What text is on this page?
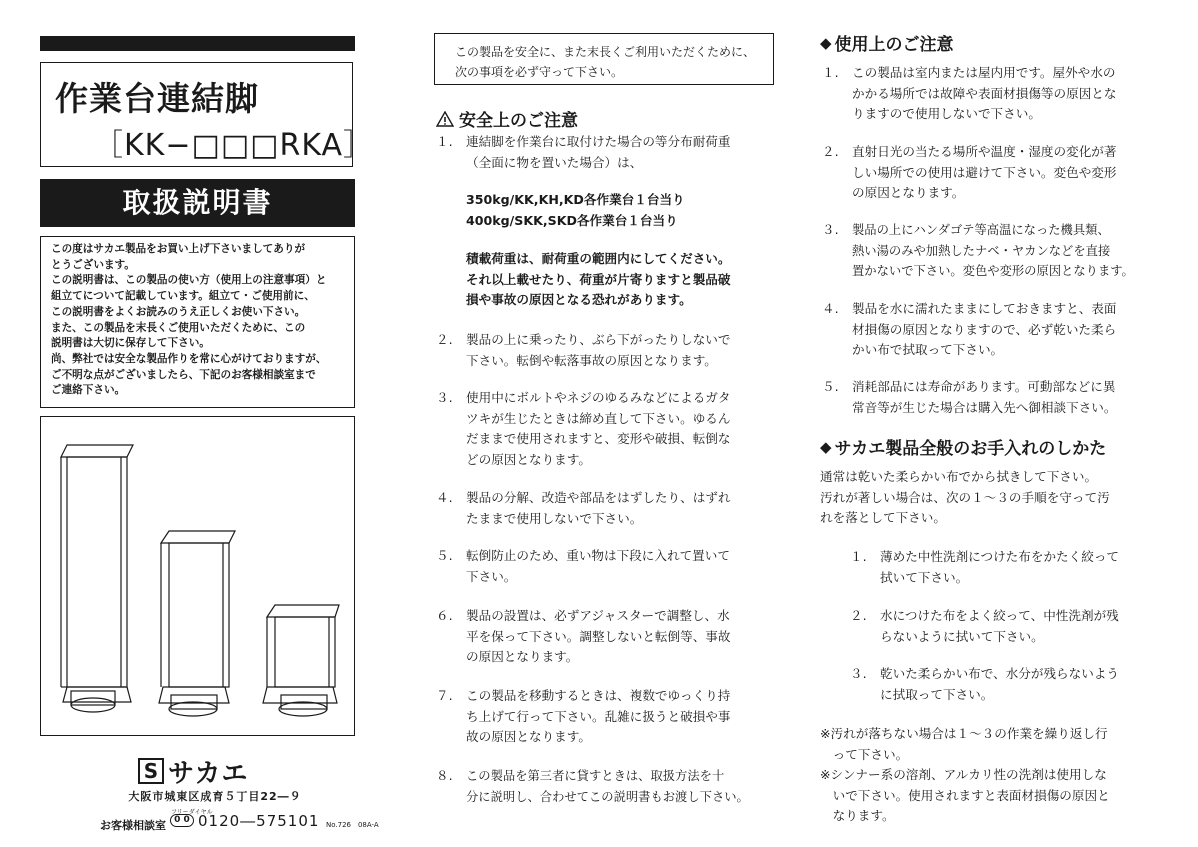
作業台連結脚
［KK−□□□RKA］
取扱説明書

この度はサカエ製品をお買い上げ下さいましてありが
とうございます。
この説明書は、この製品の使い方（使用上の注意事項）と
組立てについて記載しています。組立て・ご使用前に、
この説明書をよくお読みのうえ正しくお使い下さい。
また、この製品を末長くご使用いただくために、この
説明書は大切に保存して下さい。
尚、弊社では安全な製品作りを常に心がけておりますが、
ご不明な点がございましたら、下記のお客様相談室まで
ご連絡下さい。

S サカエ
大阪市城東区成育５丁目22―９
お客様相談室
フリーダイヤル
0 0 0120―575101 No.726　08A-A

この製品を安全に、また末長くご利用いただくために、
次の事項を必ず守って下さい。

安全上のご注意
１. 連結脚を作業台に取付けた場合の等分布耐荷重
（全面に物を置いた場合）は、
350kg/KK,KH,KD各作業台１台当り
400kg/SKK,SKD各作業台１台当り
積載荷重は、耐荷重の範囲内にしてください。
それ以上載せたり、荷重が片寄りますと製品破
損や事故の原因となる恐れがあります。
２. 製品の上に乗ったり、ぶら下がったりしないで
下さい。転倒や転落事故の原因となります。
３. 使用中にボルトやネジのゆるみなどによるガタ
ツキが生じたときは締め直して下さい。ゆるん
だままで使用されますと、変形や破損、転倒な
どの原因となります。
４. 製品の分解、改造や部品をはずしたり、はずれ
たままで使用しないで下さい。
５. 転倒防止のため、重い物は下段に入れて置いて
下さい。
６. 製品の設置は、必ずアジャスターで調整し、水
平を保って下さい。調整しないと転倒等、事故
の原因となります。
７. この製品を移動するときは、複数でゆっくり持
ち上げて行って下さい。乱雑に扱うと破損や事
故の原因となります。
８. この製品を第三者に貸すときは、取扱方法を十
分に説明し、合わせてこの説明書もお渡し下さい。
◆ 使用上のご注意
１. この製品は室内または屋内用です。屋外や水の
かかる場所では故障や表面材損傷等の原因とな
りますので使用しないで下さい。
２. 直射日光の当たる場所や温度・湿度の変化が著
しい場所での使用は避けて下さい。変色や変形
の原因となります。
３. 製品の上にハンダゴテ等高温になった機具類、
熱い湯のみや加熱したナベ・ヤカンなどを直接
置かないで下さい。変色や変形の原因となります。
４. 製品を水に濡れたままにしておきますと、表面
材損傷の原因となりますので、必ず乾いた柔ら
かい布で拭取って下さい。
５. 消耗部品には寿命があります。可動部などに異
常音等が生じた場合は購入先へ御相談下さい。
◆ サカエ製品全般のお手入れのしかた
通常は乾いた柔らかい布でから拭きして下さい。
汚れが著しい場合は、次の１～３の手順を守って汚
れを落として下さい。
１. 薄めた中性洗剤につけた布をかたく絞って
拭いて下さい。
２. 水につけた布をよく絞って、中性洗剤が残
らないように拭いて下さい。
３. 乾いた柔らかい布で、水分が残らないよう
に拭取って下さい。
※汚れが落ちない場合は１～３の作業を繰り返し行
　って下さい。
※シンナー系の溶剤、アルカリ性の洗剤は使用しな
　いで下さい。使用されますと表面材損傷の原因と
　なります。
